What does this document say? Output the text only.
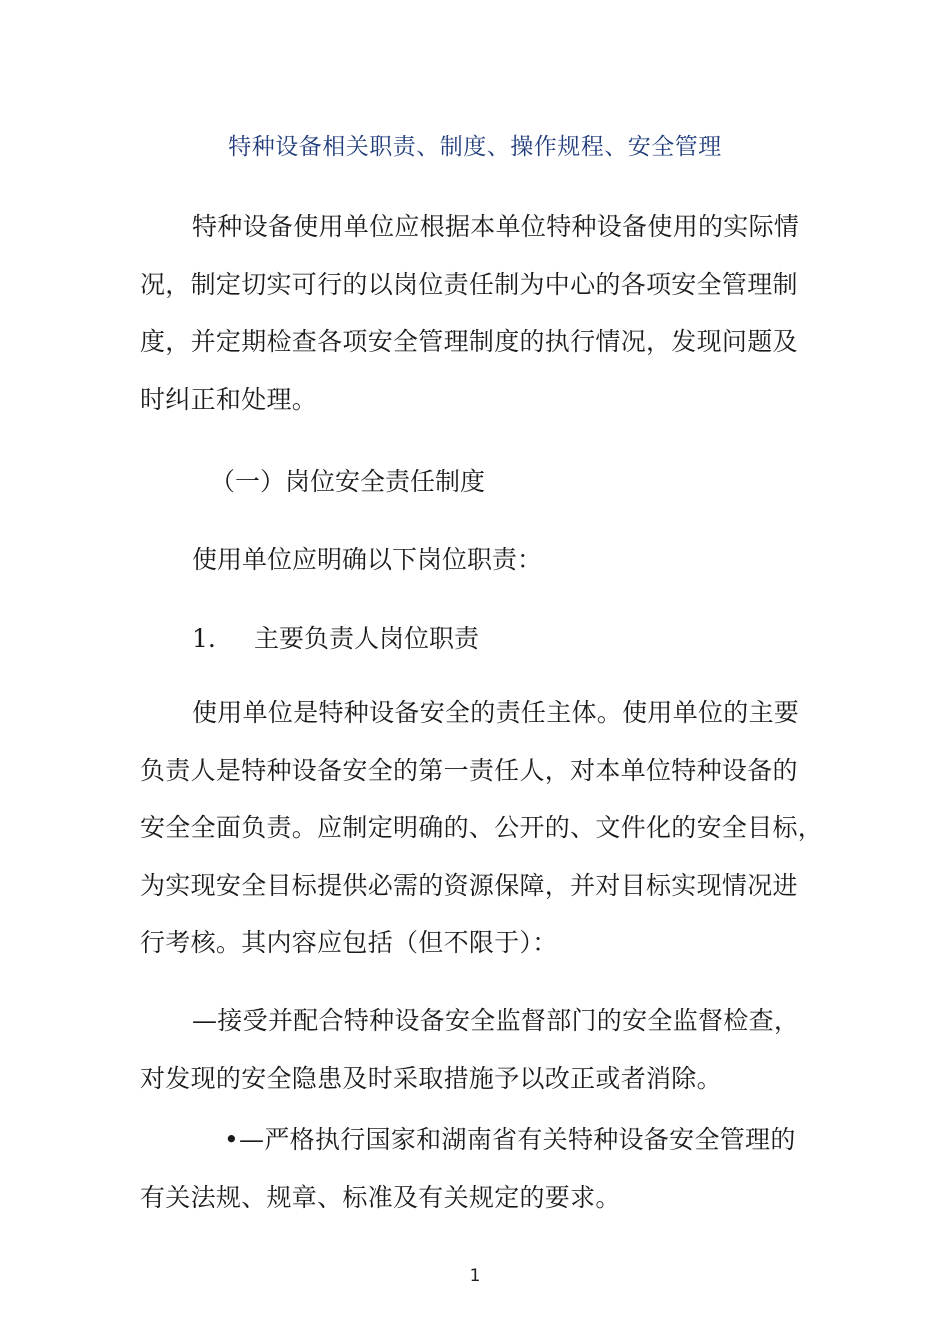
特种设备相关职责、制度、操作规程、安全管理
特种设备使用单位应根据本单位特种设备使用的实际情
况，制定切实可行的以岗位责任制为中心的各项安全管理制
度，并定期检查各项安全管理制度的执行情况，发现问题及
时纠正和处理。
（一）岗位安全责任制度
使用单位应明确以下岗位职责：
1. 主要负责人岗位职责
使用单位是特种设备安全的责任主体。使用单位的主要
负责人是特种设备安全的第一责任人，对本单位特种设备的
安全全面负责。应制定明确的、公开的、文件化的安全目标，
为实现安全目标提供必需的资源保障，并对目标实现情况进
行考核。其内容应包括（但不限于）：
—接受并配合特种设备安全监督部门的安全监督检查，
对发现的安全隐患及时采取措施予以改正或者消除。
•—严格执行国家和湖南省有关特种设备安全管理的
有关法规、规章、标准及有关规定的要求。
1
